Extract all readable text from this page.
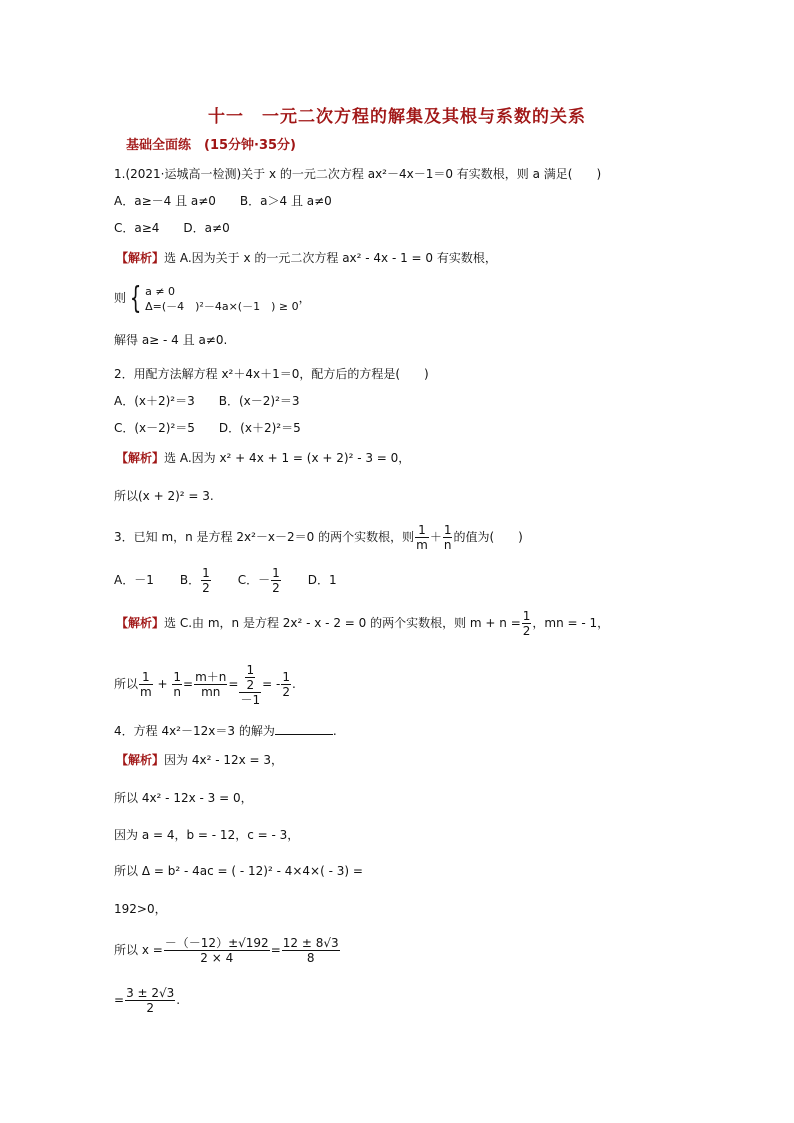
十一　一元二次方程的解集及其根与系数的关系
基础全面练　(15分钟·35分)
1.(2021·运城高一检测)关于 x 的一元二次方程 ax²－4x－1＝0 有实数根，则 a 满足(　　)
A．a≥－4 且 a≠0　　B．a＞4 且 a≠0
C．a≥4　　D．a≠0
【解析】选 A.因为关于 x 的一元二次方程 ax² - 4x - 1 = 0 有实数根，
则 { a ≠ 0
Δ=(－4　)²－4a×(－1　) ≥ 0
，
解得 a≥ - 4 且 a≠0.
2．用配方法解方程 x²＋4x＋1＝0，配方后的方程是(　　)
A．(x＋2)²＝3　　B．(x－2)²＝3
C．(x－2)²＝5　　D．(x＋2)²＝5
【解析】选 A.因为 x² + 4x + 1 = (x + 2)² - 3 = 0，
所以(x + 2)² = 3.
3．已知 m，n 是方程 2x²－x－2＝0 的两个实数根，则 $\frac{1}{m} + \frac{1}{n}$ 的值为(　　)
A．－1 B． $\frac{1}{2}$ C．－ $\frac{1}{2}$ D．1
【解析】选 C.由 m，n 是方程 2x² - x - 2 = 0 的两个实数根，则 $m + n = \frac{1}{2}$ ，mn = - 1，
所以 $\frac{1}{m} + \frac{1}{n} = \frac{m+n}{mn} = \frac{\frac{1}{2}}{-1}$ = - $\frac{1}{2}$ .
4．方程 4x²－12x＝3 的解为	.
【解析】因为 4x² - 12x = 3，
所以 4x² - 12x - 3 = 0，
因为 a = 4，b = - 12，c = - 3，
所以 Δ = b² - 4ac = ( - 12)² - 4×4×( - 3) =
192>0，
所以 $x = \frac{-(-12)\pm√192}{2 \times 4} = \frac{12 \pm 8√3}{8}$
= $\frac{3 \pm 2√3}{2}$ .
